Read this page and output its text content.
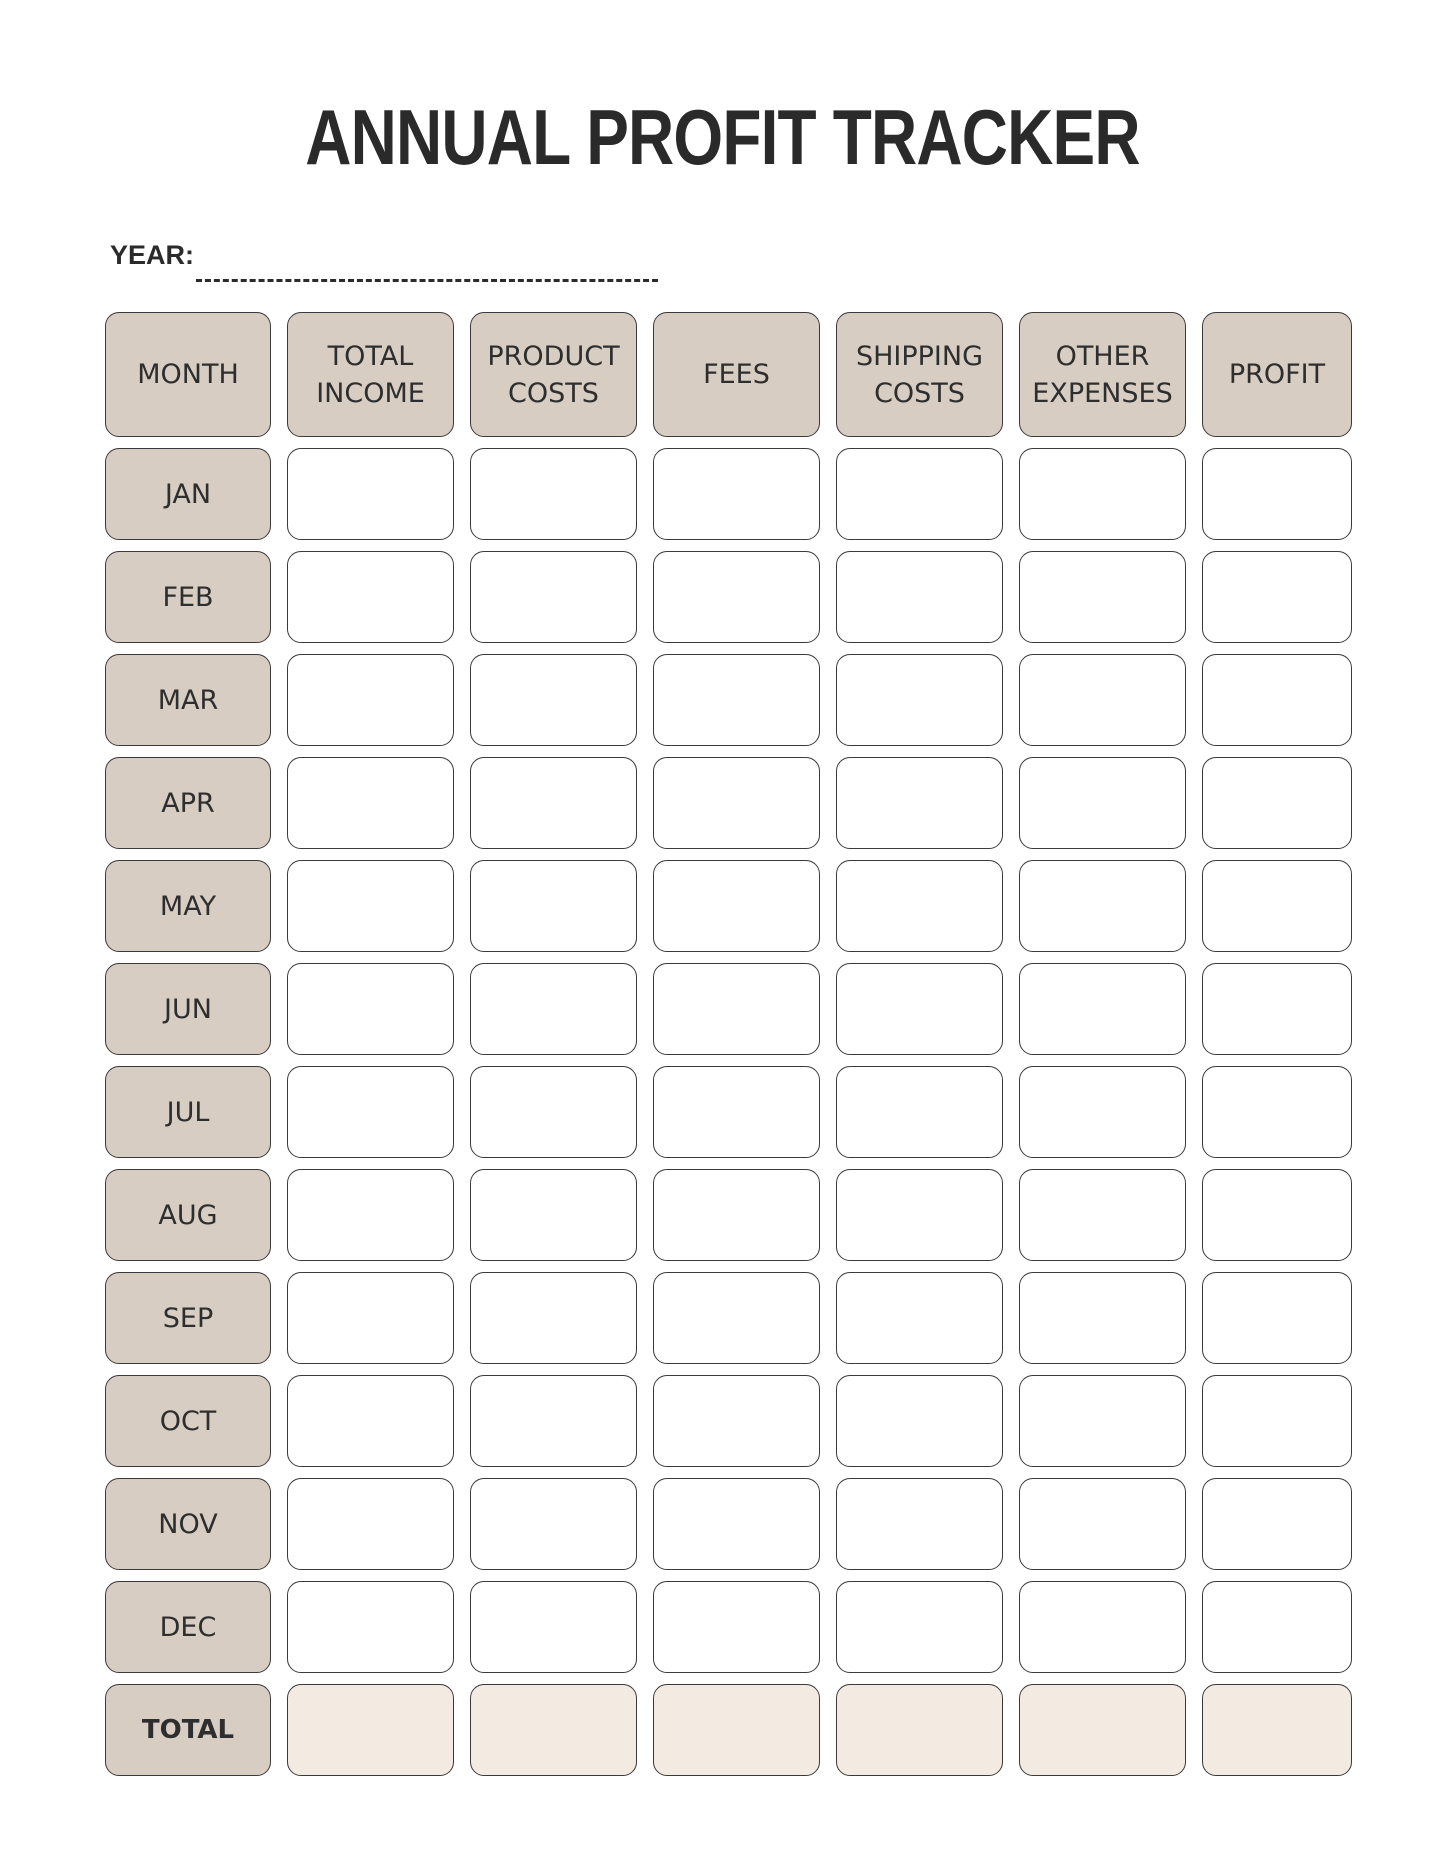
ANNUAL PROFIT TRACKER
YEAR:
MONTH
TOTAL
INCOME
PRODUCT
COSTS
FEES
SHIPPING
COSTS
OTHER
EXPENSES
PROFIT
JAN
FEB
MAR
APR
MAY
JUN
JUL
AUG
SEP
OCT
NOV
DEC
TOTAL
